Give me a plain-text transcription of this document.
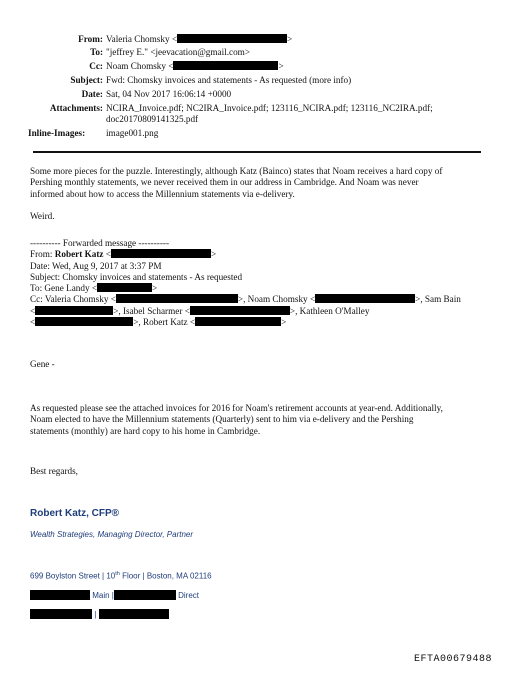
From: Valeria Chomsky <	>
To: "jeffrey E." <jeevacation@gmail.com>
Cc: Noam Chomsky <	>
Subject: Fwd: Chomsky invoices and statements - As requested (more info)
Date: Sat, 04 Nov 2017 16:06:14 +0000
Attachments: NCIRA_Invoice.pdf; NC2IRA_Invoice.pdf; 123116_NCIRA.pdf; 123116_NC2IRA.pdf;
doc20170809141325.pdf
Inline-Images: image001.png
Some more pieces for the puzzle. Interestingly, although Katz (Bainco) states that Noam receives a hard copy of
Pershing monthly statements, we never received them in our address in Cambridge. And Noam was never
informed about how to access the Millennium statements via e-delivery.
Weird.
---------- Forwarded message ----------
From: Robert Katz <	>
Date: Wed, Aug 9, 2017 at 3:37 PM
Subject: Chomsky invoices and statements - As requested
To: Gene Landy <	>
Cc: Valeria Chomsky <	>, Noam Chomsky <	>, Sam Bain
<	>, Isabel Scharmer <	>, Kathleen O'Malley
<	>, Robert Katz <	>
Gene -
As requested please see the attached invoices for 2016 for Noam's retirement accounts at year-end. Additionally,
Noam elected to have the Millennium statements (Quarterly) sent to him via e-delivery and the Pershing
statements (monthly) are hard copy to his home in Cambridge.
Best regards,
Robert Katz, CFP®
Wealth Strategies, Managing Director, Partner
699 Boylston Street | 10th Floor | Boston, MA 02116
Main |	Direct
|
EFTA00679488
